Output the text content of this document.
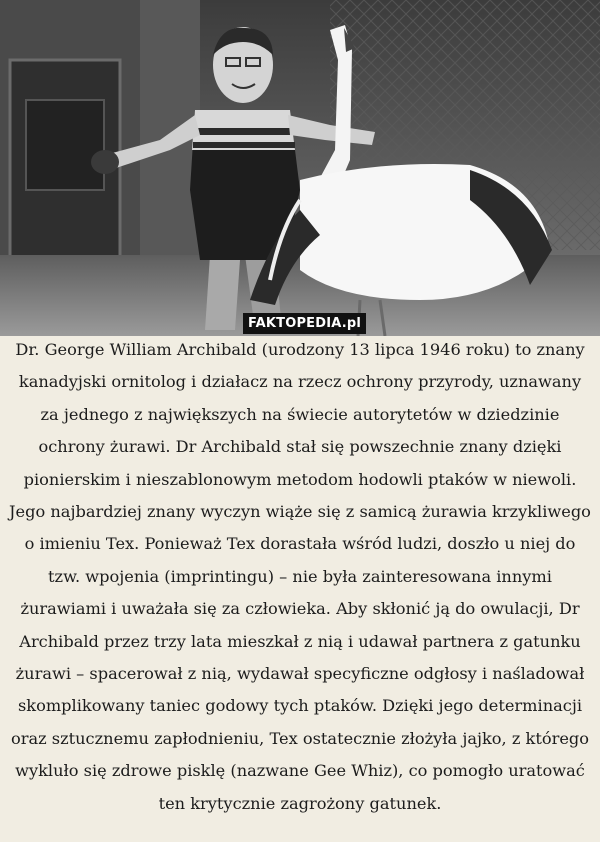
FAKTOPEDIA.pl
Dr. George William Archibald (urodzony 13 lipca 1946 roku) to znany kanadyjski ornitolog i działacz na rzecz ochrony przyrody, uznawany za jednego z największych na świecie autorytetów w dziedzinie ochrony żurawi. Dr Archibald stał się powszechnie znany dzięki pionierskim i nieszablonowym metodom hodowli ptaków w niewoli. Jego najbardziej znany wyczyn wiąże się z samicą żurawia krzykliwego o imieniu Tex. Ponieważ Tex dorastała wśród ludzi, doszło u niej do tzw. wpojenia (imprintingu) – nie była zainteresowana innymi żurawiami i uważała się za człowieka. Aby skłonić ją do owulacji, Dr Archibald przez trzy lata mieszkał z nią i udawał partnera z gatunku żurawi – spacerował z nią, wydawał specyficzne odgłosy i naśladował skomplikowany taniec godowy tych ptaków. Dzięki jego determinacji oraz sztucznemu zapłodnieniu, Tex ostatecznie złożyła jajko, z którego wykluło się zdrowe pisklę (nazwane Gee Whiz), co pomogło uratować ten krytycznie zagrożony gatunek.
